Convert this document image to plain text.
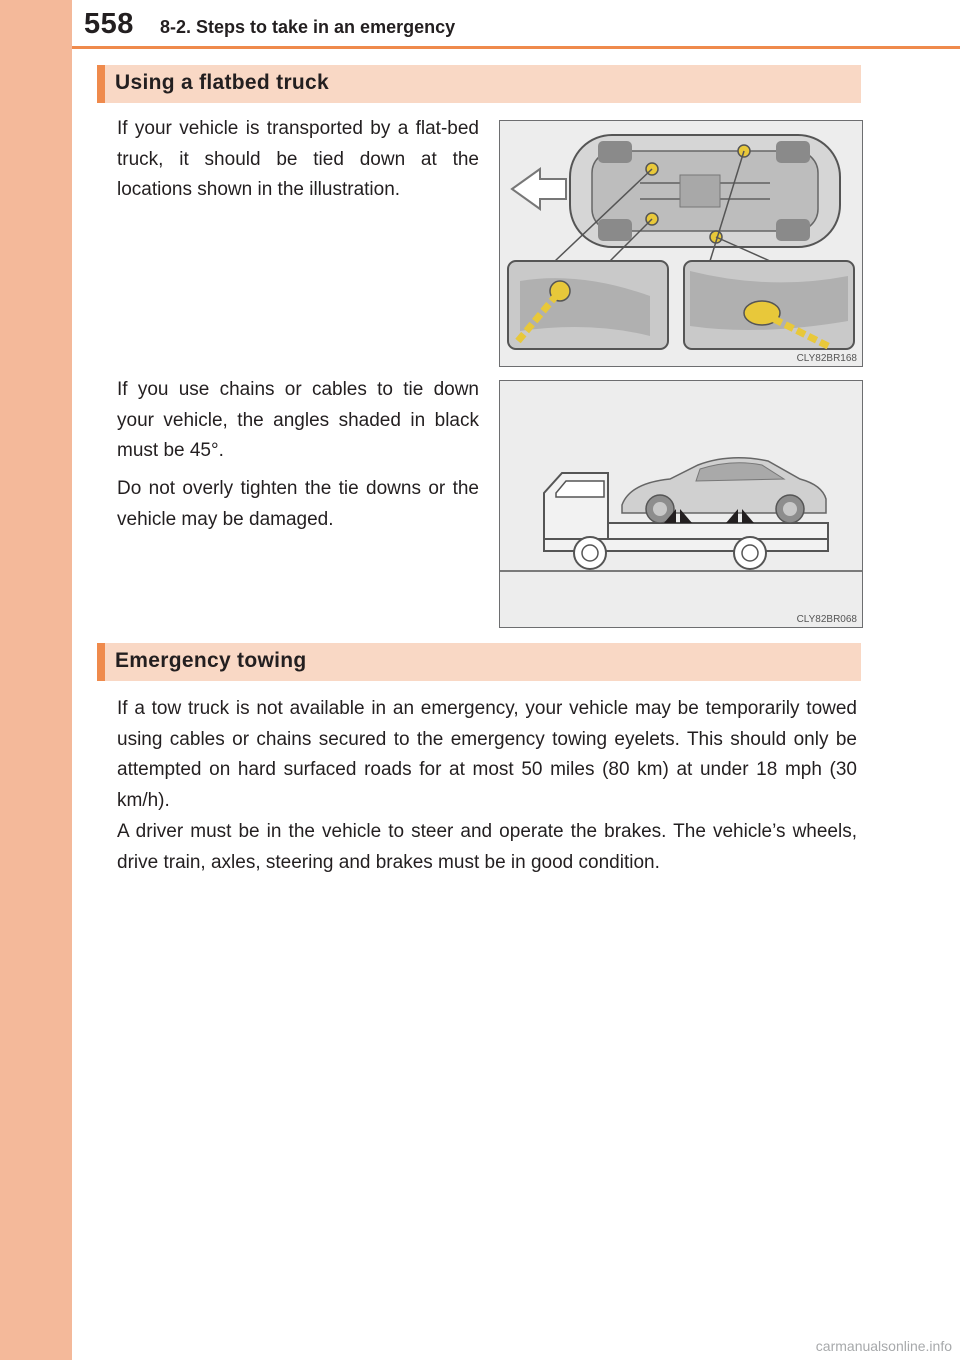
558 8-2. Steps to take in an emergency
Using a flatbed truck
If your vehicle is transported by a flat-bed truck, it should be tied down at the locations shown in the illustration.
CLY82BR168
If you use chains or cables to tie down your vehicle, the angles shaded in black must be 45°.
Do not overly tighten the tie downs or the vehicle may be damaged.
CLY82BR068
Emergency towing
If a tow truck is not available in an emergency, your vehicle may be temporarily towed using cables or chains secured to the emergency towing eyelets. This should only be attempted on hard surfaced roads for at most 50 miles (80 km) at under 18 mph (30 km/h).
A driver must be in the vehicle to steer and operate the brakes. The vehicle’s wheels, drive train, axles, steering and brakes must be in good condition.
carmanualsonline.info
